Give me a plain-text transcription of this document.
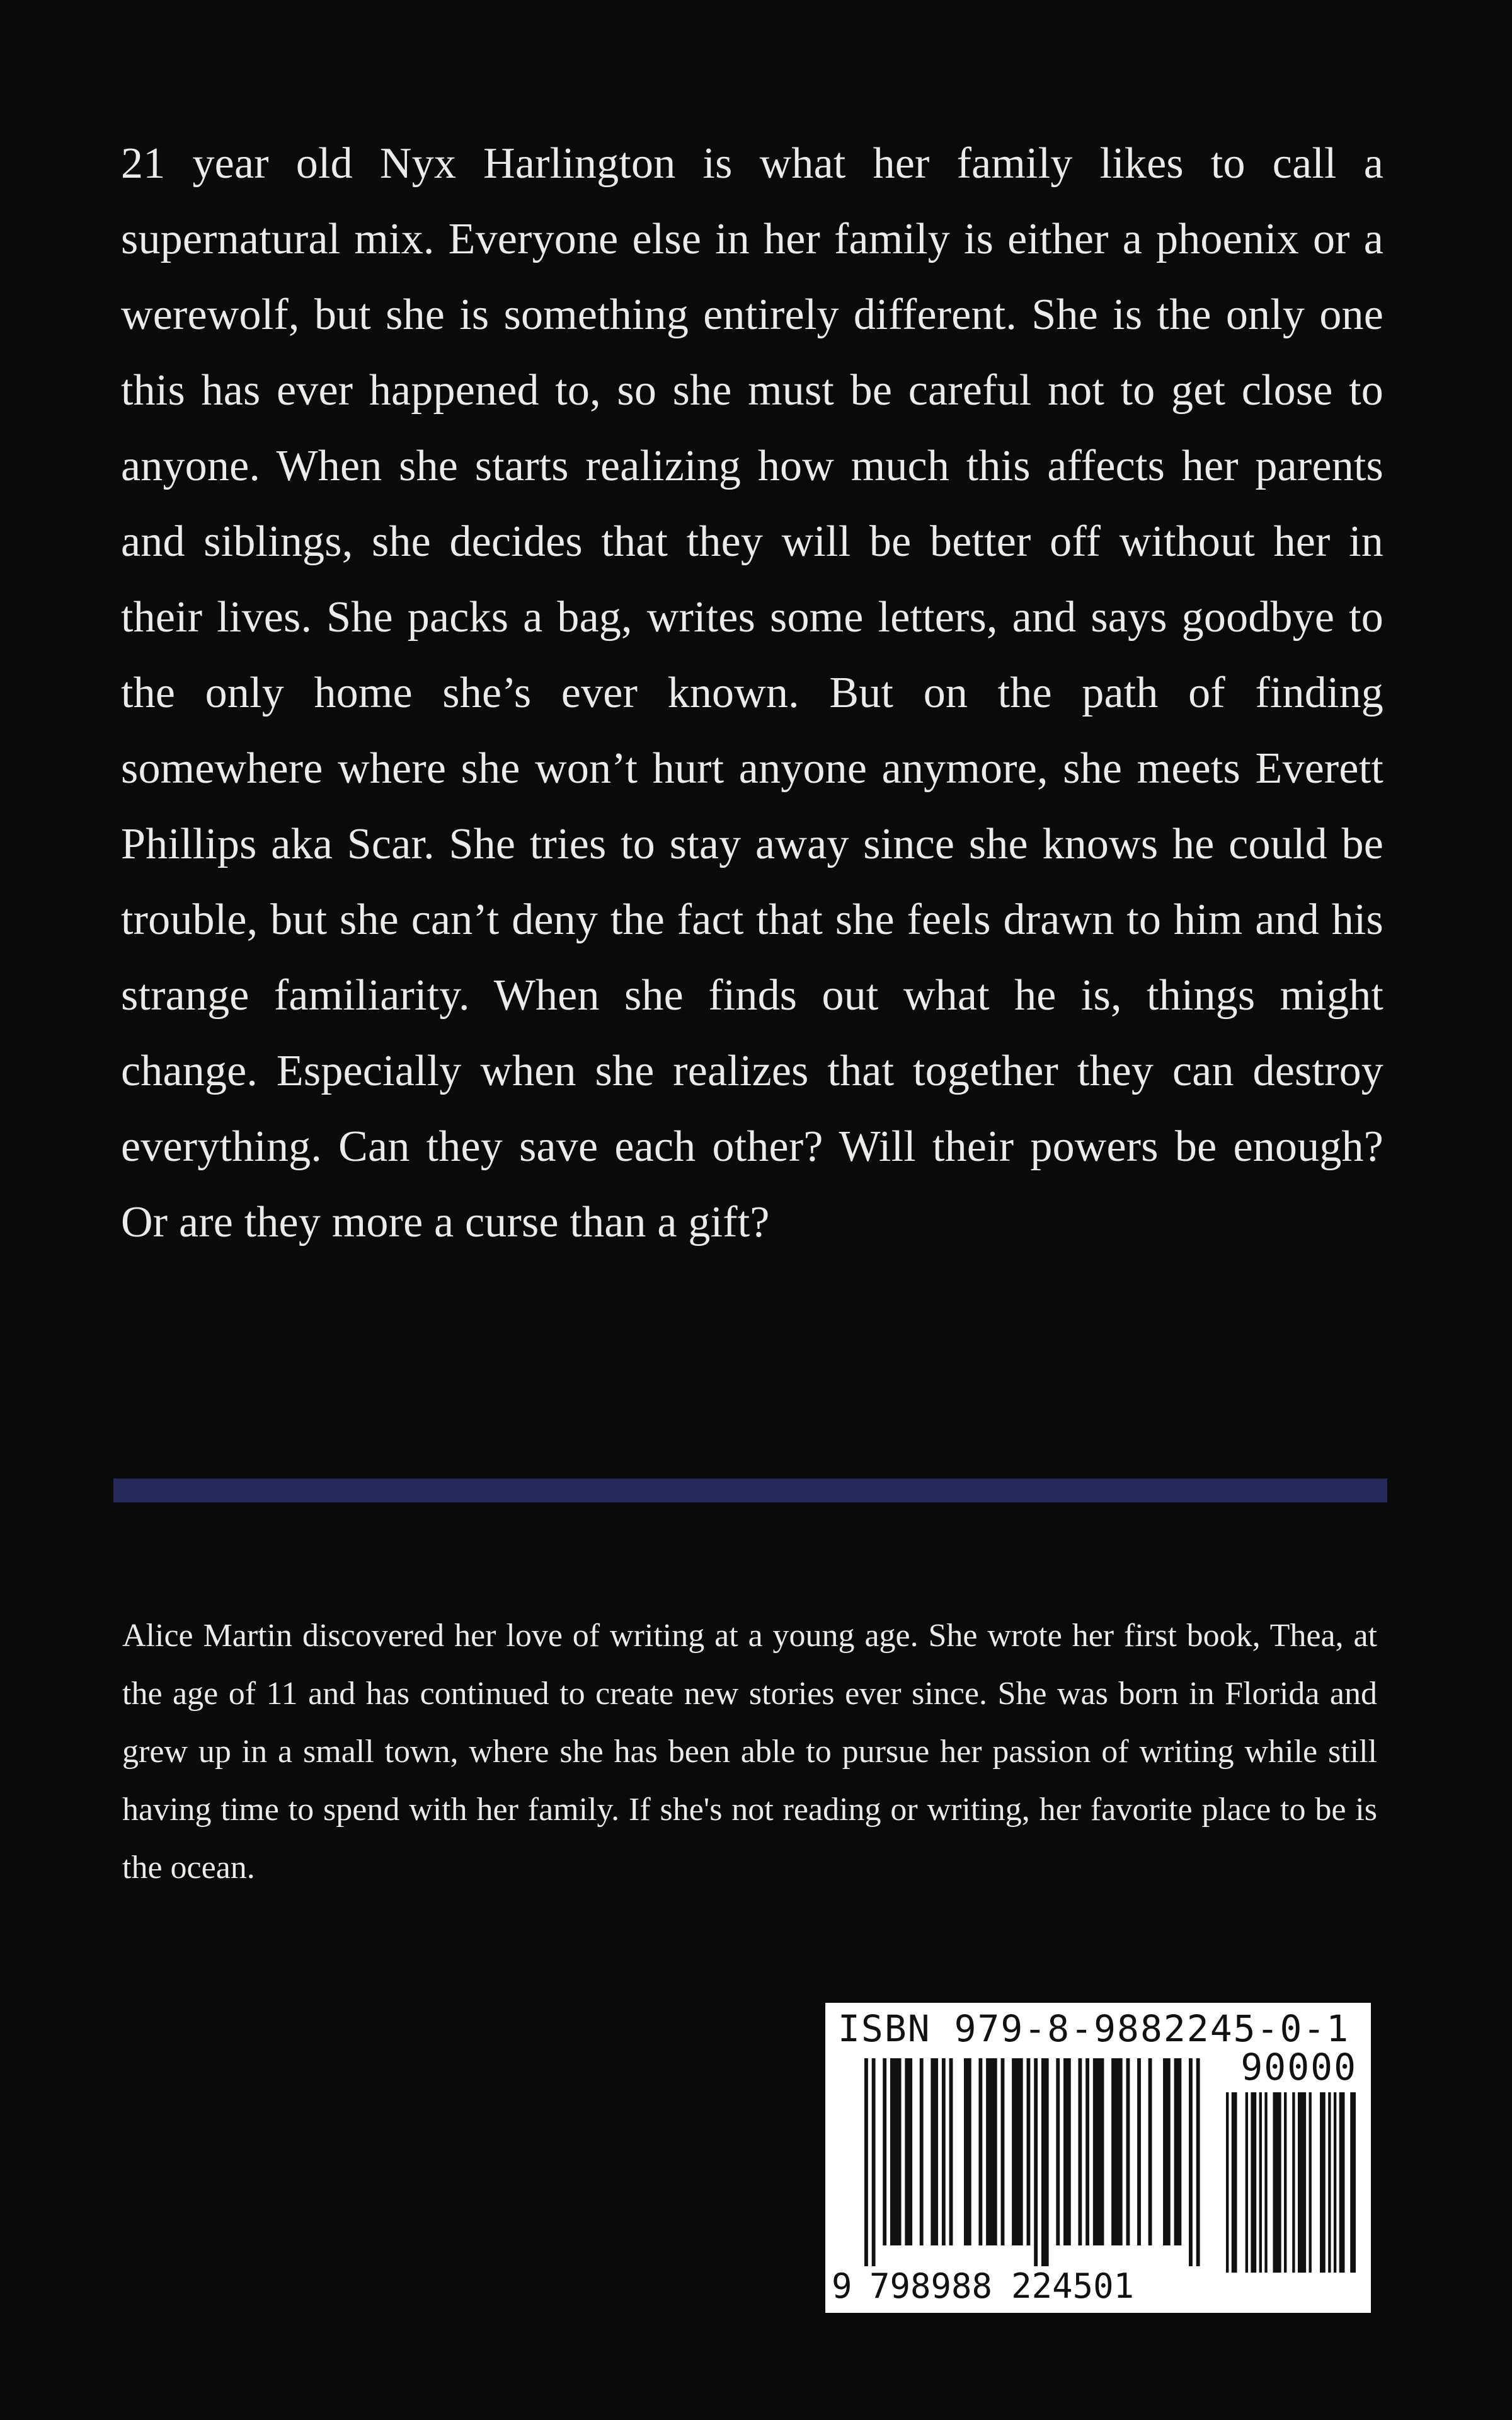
21 year old Nyx Harlington is what her family likes to call a supernatural mix. Everyone else in her family is either a phoenix or a werewolf, but she is something entirely different. She is the only one this has ever happened to, so she must be careful not to get close to anyone. When she starts realizing how much this affects her parents and siblings, she decides that they will be better off without her in their lives. She packs a bag, writes some letters, and says goodbye to the only home she’s ever known. But on the path of finding somewhere where she won’t hurt anyone anymore, she meets Everett Phillips aka Scar. She tries to stay away since she knows he could be trouble, but she can’t deny the fact that she feels drawn to him and his strange familiarity. When she finds out what he is, things might change. Especially when she realizes that together they can destroy everything. Can they save each other? Will their powers be enough? Or are they more a curse than a gift?

Alice Martin discovered her love of writing at a young age. She wrote her first book, Thea, at the age of 11 and has continued to create new stories ever since. She was born in Florida and grew up in a small town, where she has been able to pursue her passion of writing while still having time to spend with her family. If she's not reading or writing, her favorite place to be is the ocean.

ISBN 979-8-9882245-0-1
90000
9 798988 224501
